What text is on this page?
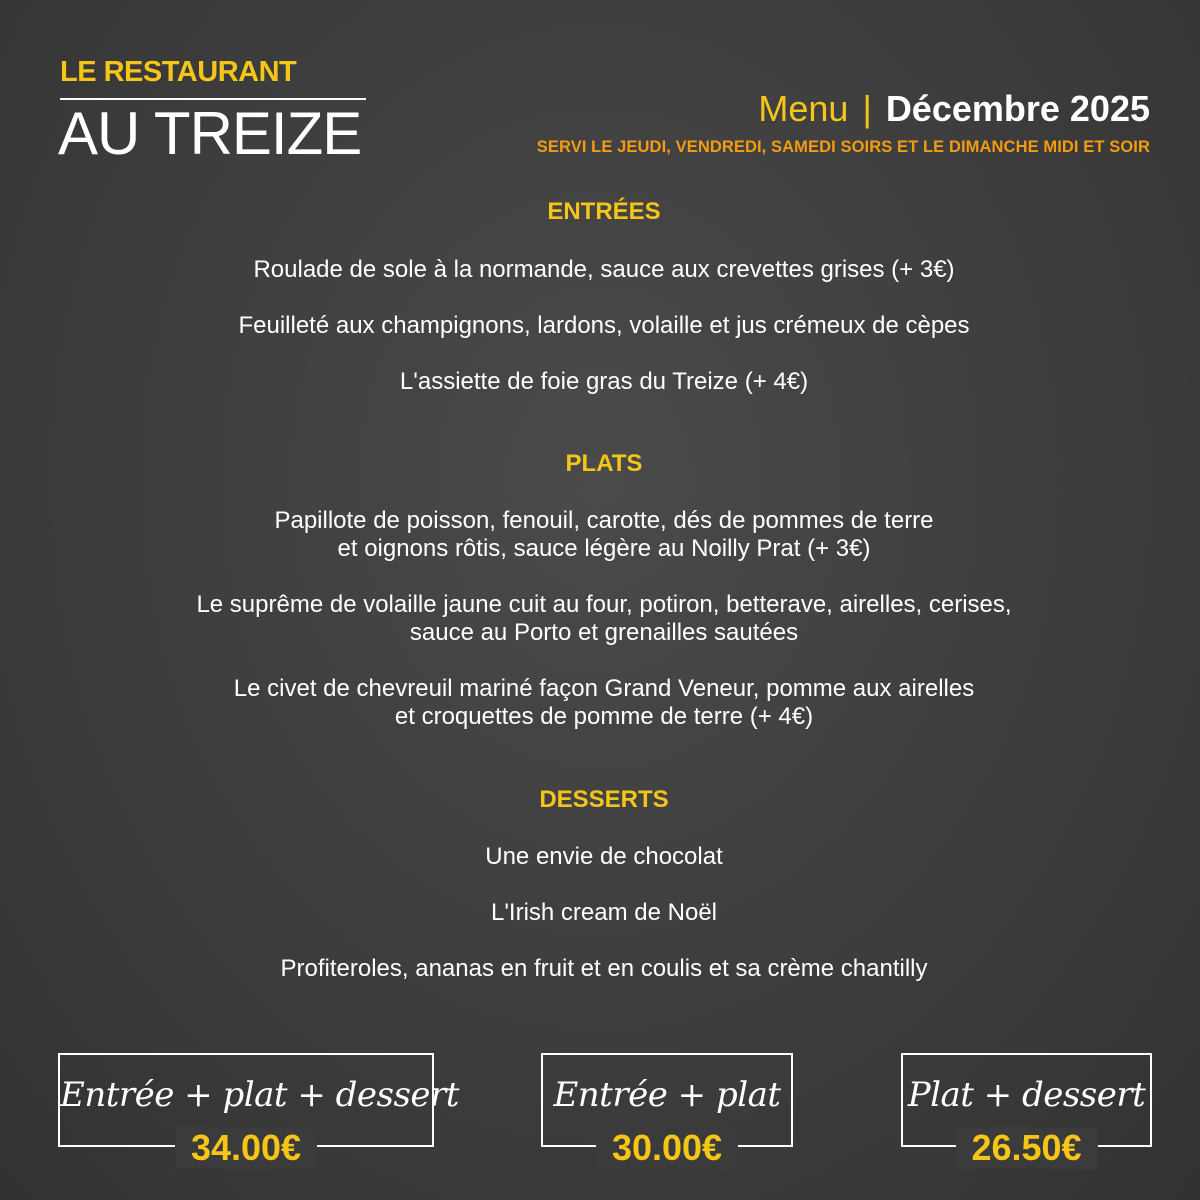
LE RESTAURANT
AU TREIZE	Menu | Décembre 2025
SERVI LE JEUDI, VENDREDI, SAMEDI SOIRS ET LE DIMANCHE MIDI ET SOIR
ENTRÉES
Roulade de sole à la normande, sauce aux crevettes grises (+ 3€)
Feuilleté aux champignons, lardons, volaille et jus crémeux de cèpes
L'assiette de foie gras du Treize (+ 4€)
PLATS
Papillote de poisson, fenouil, carotte, dés de pommes de terre
et oignons rôtis, sauce légère au Noilly Prat (+ 3€)
Le suprême de volaille jaune cuit au four, potiron, betterave, airelles, cerises,
sauce au Porto et grenailles sautées
Le civet de chevreuil mariné façon Grand Veneur, pomme aux airelles
et croquettes de pomme de terre (+ 4€)
DESSERTS
Une envie de chocolat
L'Irish cream de Noël
Profiteroles, ananas en fruit et en coulis et sa crème chantilly
Entrée + plat + dessert
34.00€
Entrée + plat
30.00€
Plat + dessert
26.50€
